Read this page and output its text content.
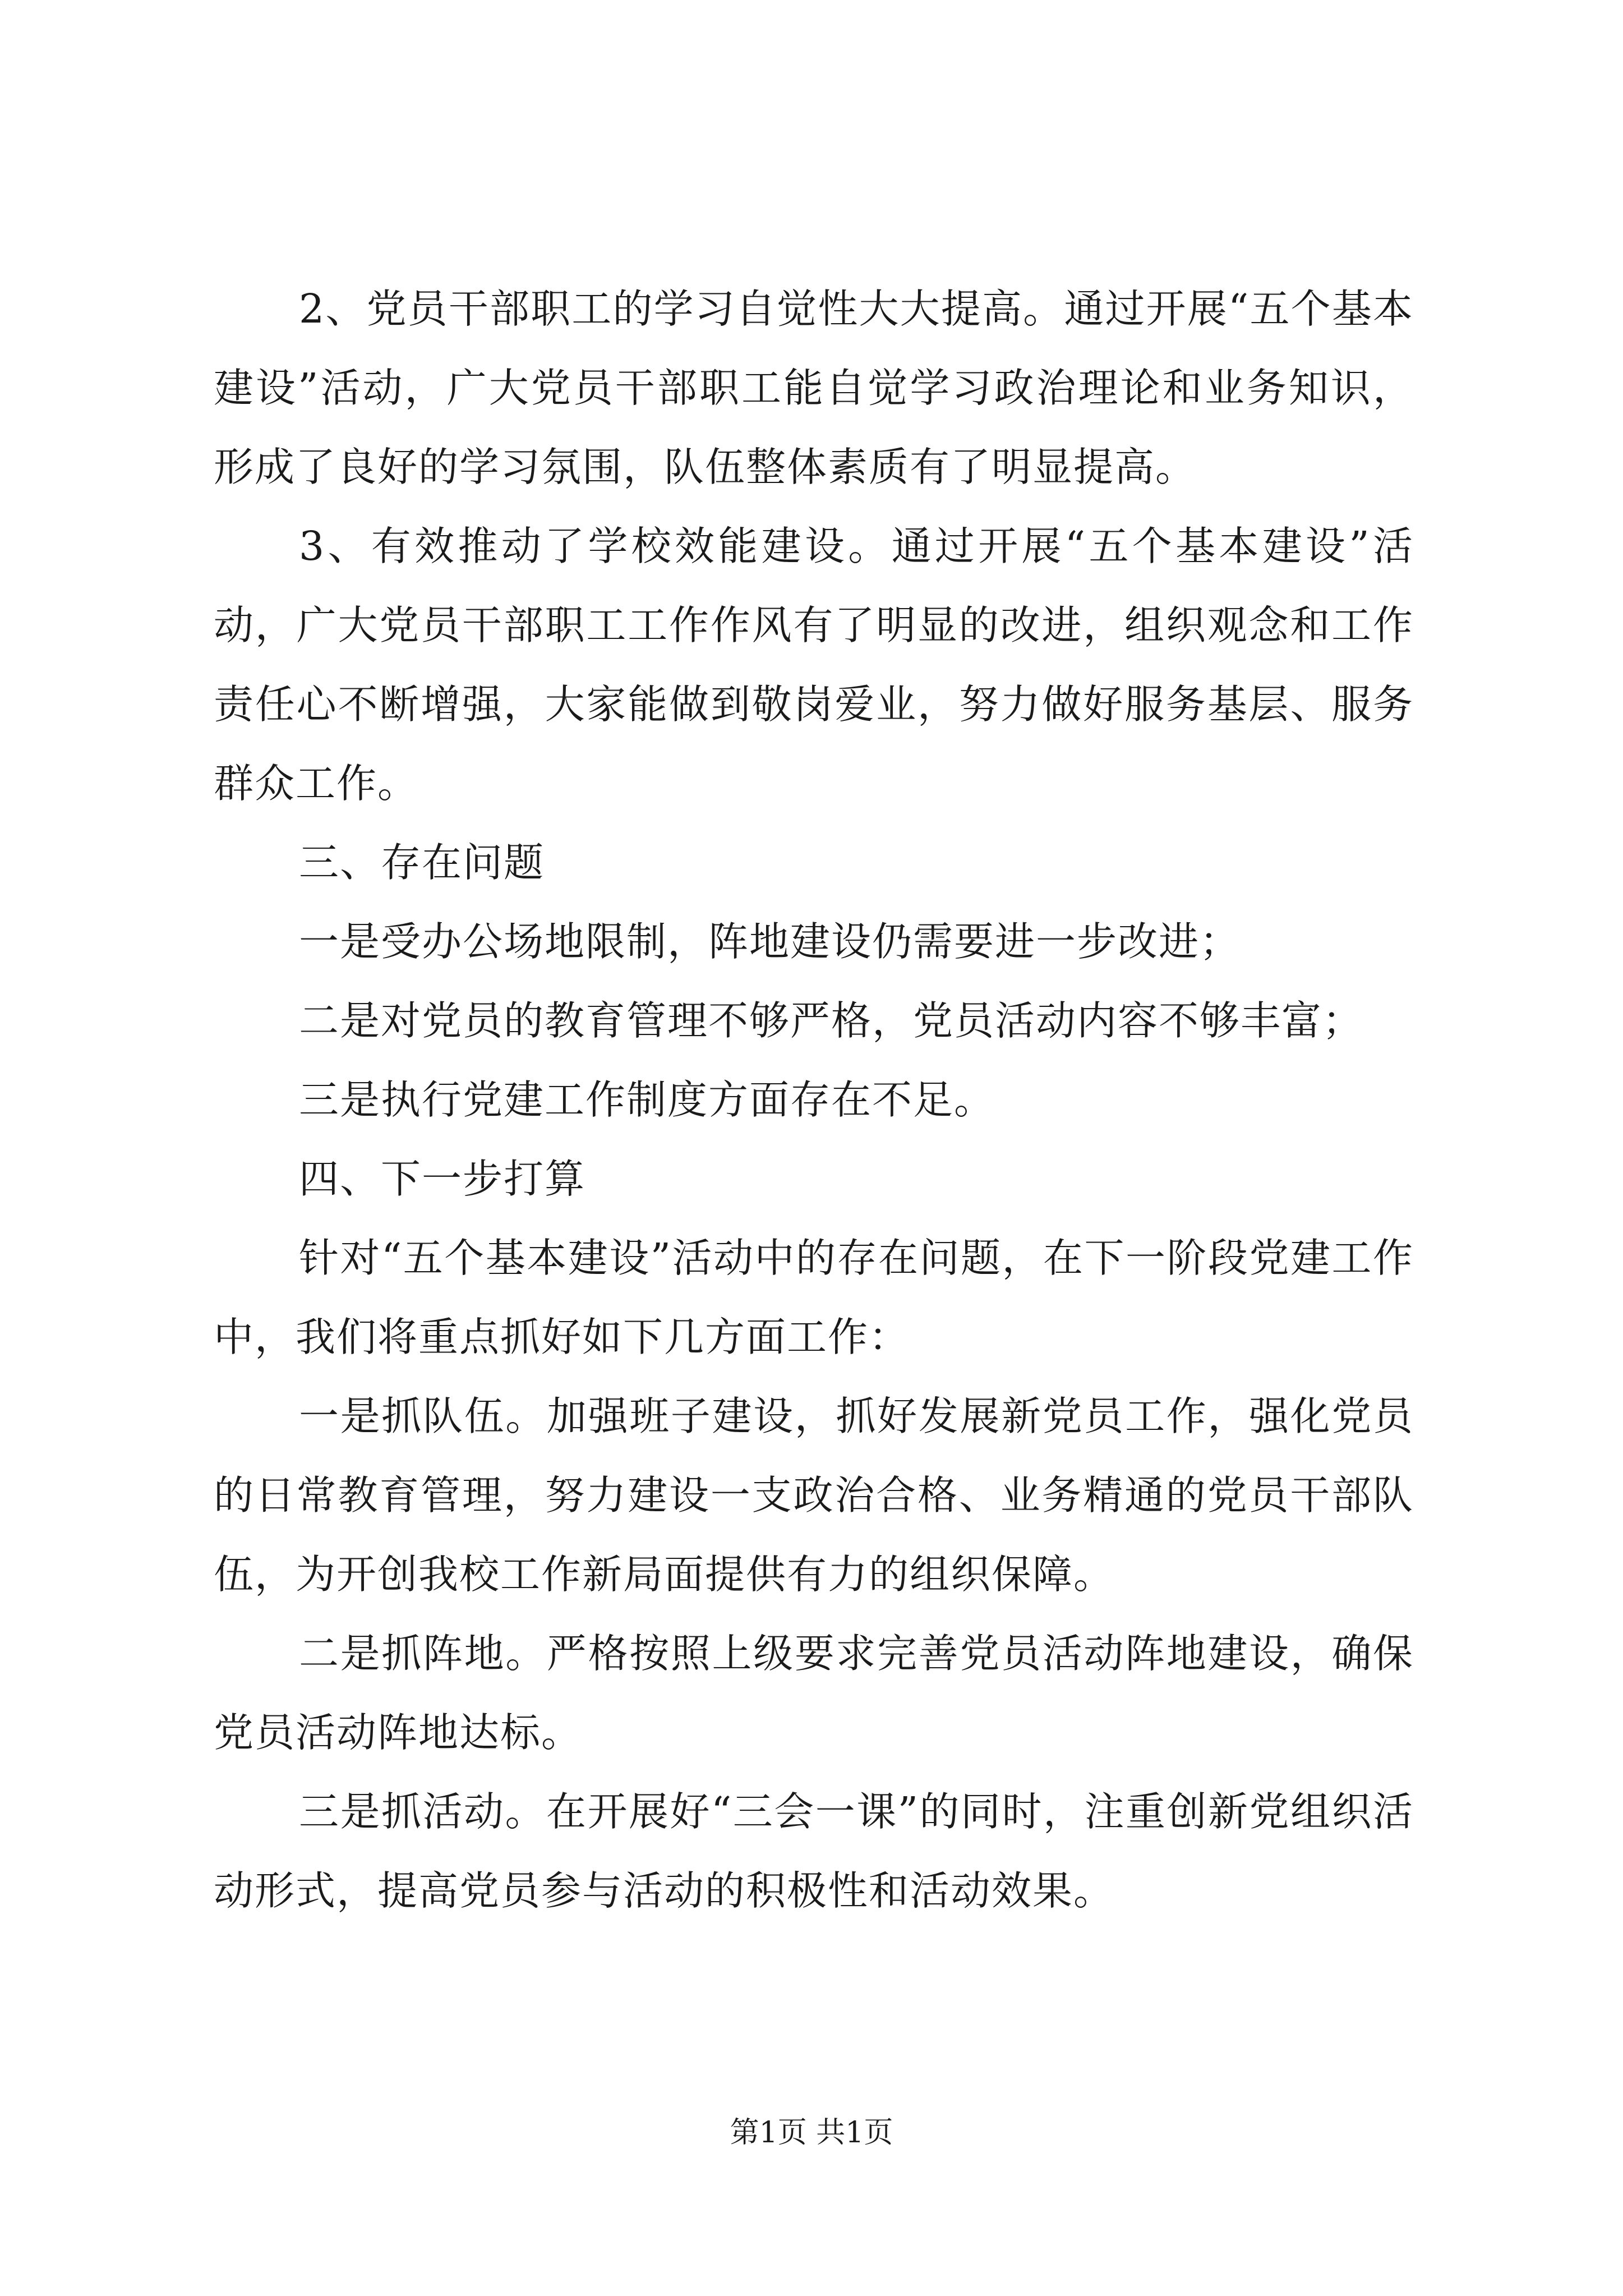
2、党员干部职工的学习自觉性大大提高。通过开展“五个基本建设”活动，广大党员干部职工能自觉学习政治理论和业务知识，形成了良好的学习氛围，队伍整体素质有了明显提高。

3、有效推动了学校效能建设。通过开展“五个基本建设”活动，广大党员干部职工工作作风有了明显的改进，组织观念和工作责任心不断增强，大家能做到敬岗爱业，努力做好服务基层、服务群众工作。

三、存在问题

一是受办公场地限制，阵地建设仍需要进一步改进；

二是对党员的教育管理不够严格，党员活动内容不够丰富；

三是执行党建工作制度方面存在不足。

四、下一步打算

针对“五个基本建设”活动中的存在问题，在下一阶段党建工作中，我们将重点抓好如下几方面工作：

一是抓队伍。加强班子建设，抓好发展新党员工作，强化党员的日常教育管理，努力建设一支政治合格、业务精通的党员干部队伍，为开创我校工作新局面提供有力的组织保障。

二是抓阵地。严格按照上级要求完善党员活动阵地建设，确保党员活动阵地达标。

三是抓活动。在开展好“三会一课”的同时，注重创新党组织活动形式，提高党员参与活动的积极性和活动效果。

第1页 共1页
